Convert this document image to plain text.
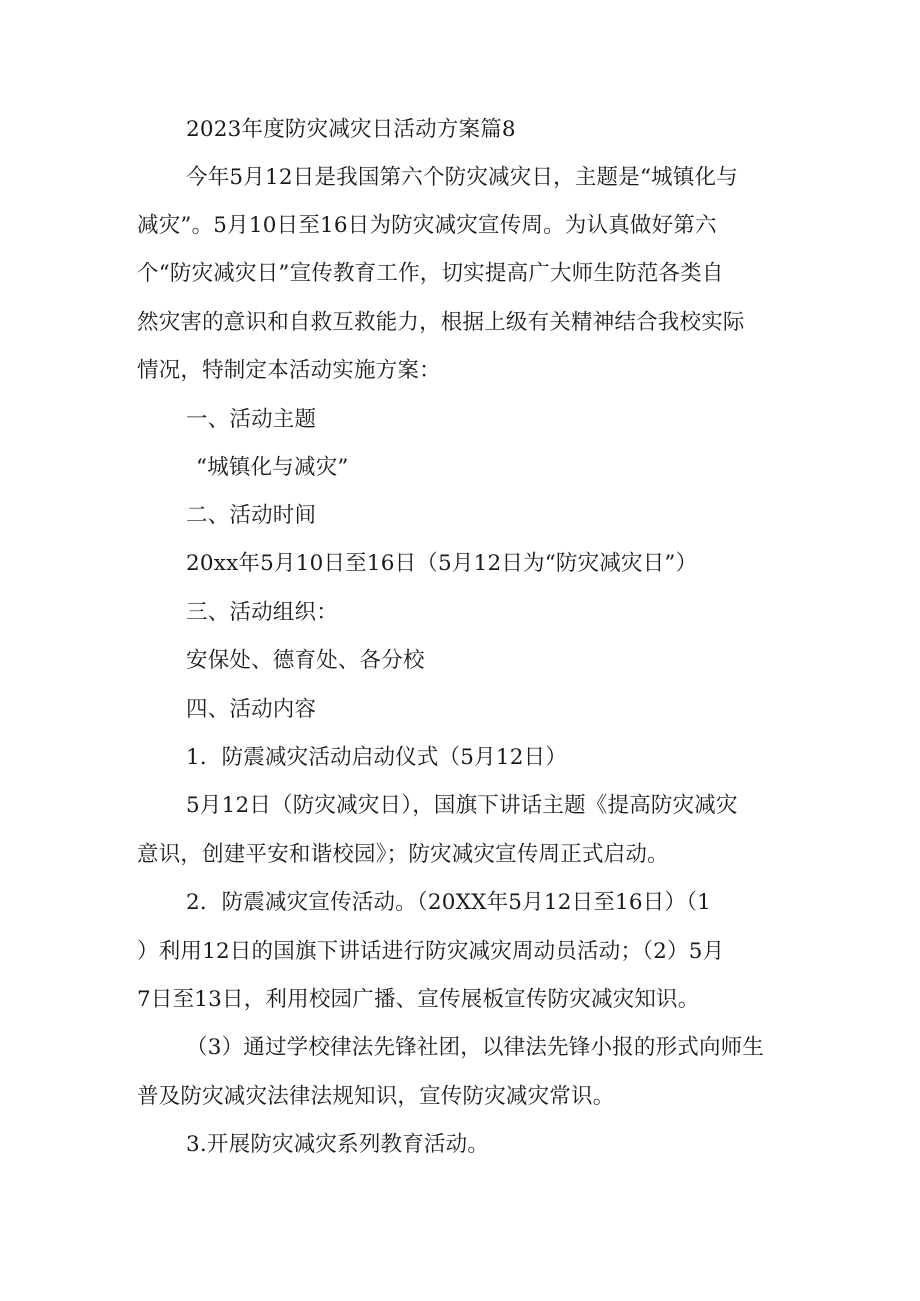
2023年度防灾减灾日活动方案篇8
今年5月12日是我国第六个防灾减灾日，主题是“城镇化与
减灾”。5月10日至16日为防灾减灾宣传周。为认真做好第六
个“防灾减灾日”宣传教育工作，切实提高广大师生防范各类自
然灾害的意识和自救互救能力，根据上级有关精神结合我校实际
情况，特制定本活动实施方案：
一、活动主题
“城镇化与减灾”
二、活动时间
20xx年5月10日至16日（5月12日为“防灾减灾日”）
三、活动组织：
安保处、德育处、各分校
四、活动内容
1．防震减灾活动启动仪式（5月12日）
5月12日（防灾减灾日），国旗下讲话主题《提高防灾减灾
意识，创建平安和谐校园》；防灾减灾宣传周正式启动。
2．防震减灾宣传活动。（20XX年5月12日至16日）（1
）利用12日的国旗下讲话进行防灾减灾周动员活动；（2）5月
7日至13日，利用校园广播、宣传展板宣传防灾减灾知识。
（3）通过学校律法先锋社团，以律法先锋小报的形式向师生
普及防灾减灾法律法规知识，宣传防灾减灾常识。
3.开展防灾减灾系列教育活动。
